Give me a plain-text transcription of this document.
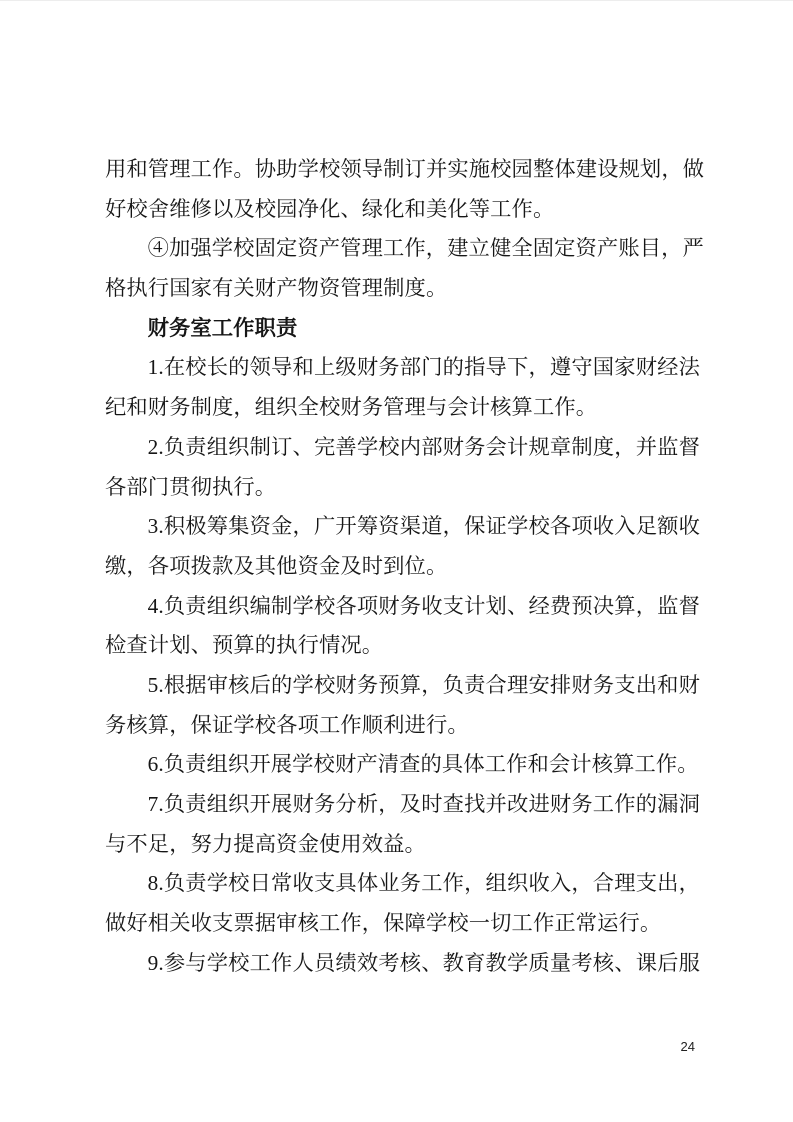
用和管理工作。协助学校领导制订并实施校园整体建设规划，做
好校舍维修以及校园净化、绿化和美化等工作。
④加强学校固定资产管理工作，建立健全固定资产账目，严
格执行国家有关财产物资管理制度。
财务室工作职责
1.在校长的领导和上级财务部门的指导下，遵守国家财经法
纪和财务制度，组织全校财务管理与会计核算工作。
2.负责组织制订、完善学校内部财务会计规章制度，并监督
各部门贯彻执行。
3.积极筹集资金，广开筹资渠道，保证学校各项收入足额收
缴，各项拨款及其他资金及时到位。
4.负责组织编制学校各项财务收支计划、经费预决算，监督
检查计划、预算的执行情况。
5.根据审核后的学校财务预算，负责合理安排财务支出和财
务核算，保证学校各项工作顺利进行。
6.负责组织开展学校财产清查的具体工作和会计核算工作。
7.负责组织开展财务分析，及时查找并改进财务工作的漏洞
与不足，努力提高资金使用效益。
8.负责学校日常收支具体业务工作，组织收入，合理支出，
做好相关收支票据审核工作，保障学校一切工作正常运行。
9.参与学校工作人员绩效考核、教育教学质量考核、课后服
24
